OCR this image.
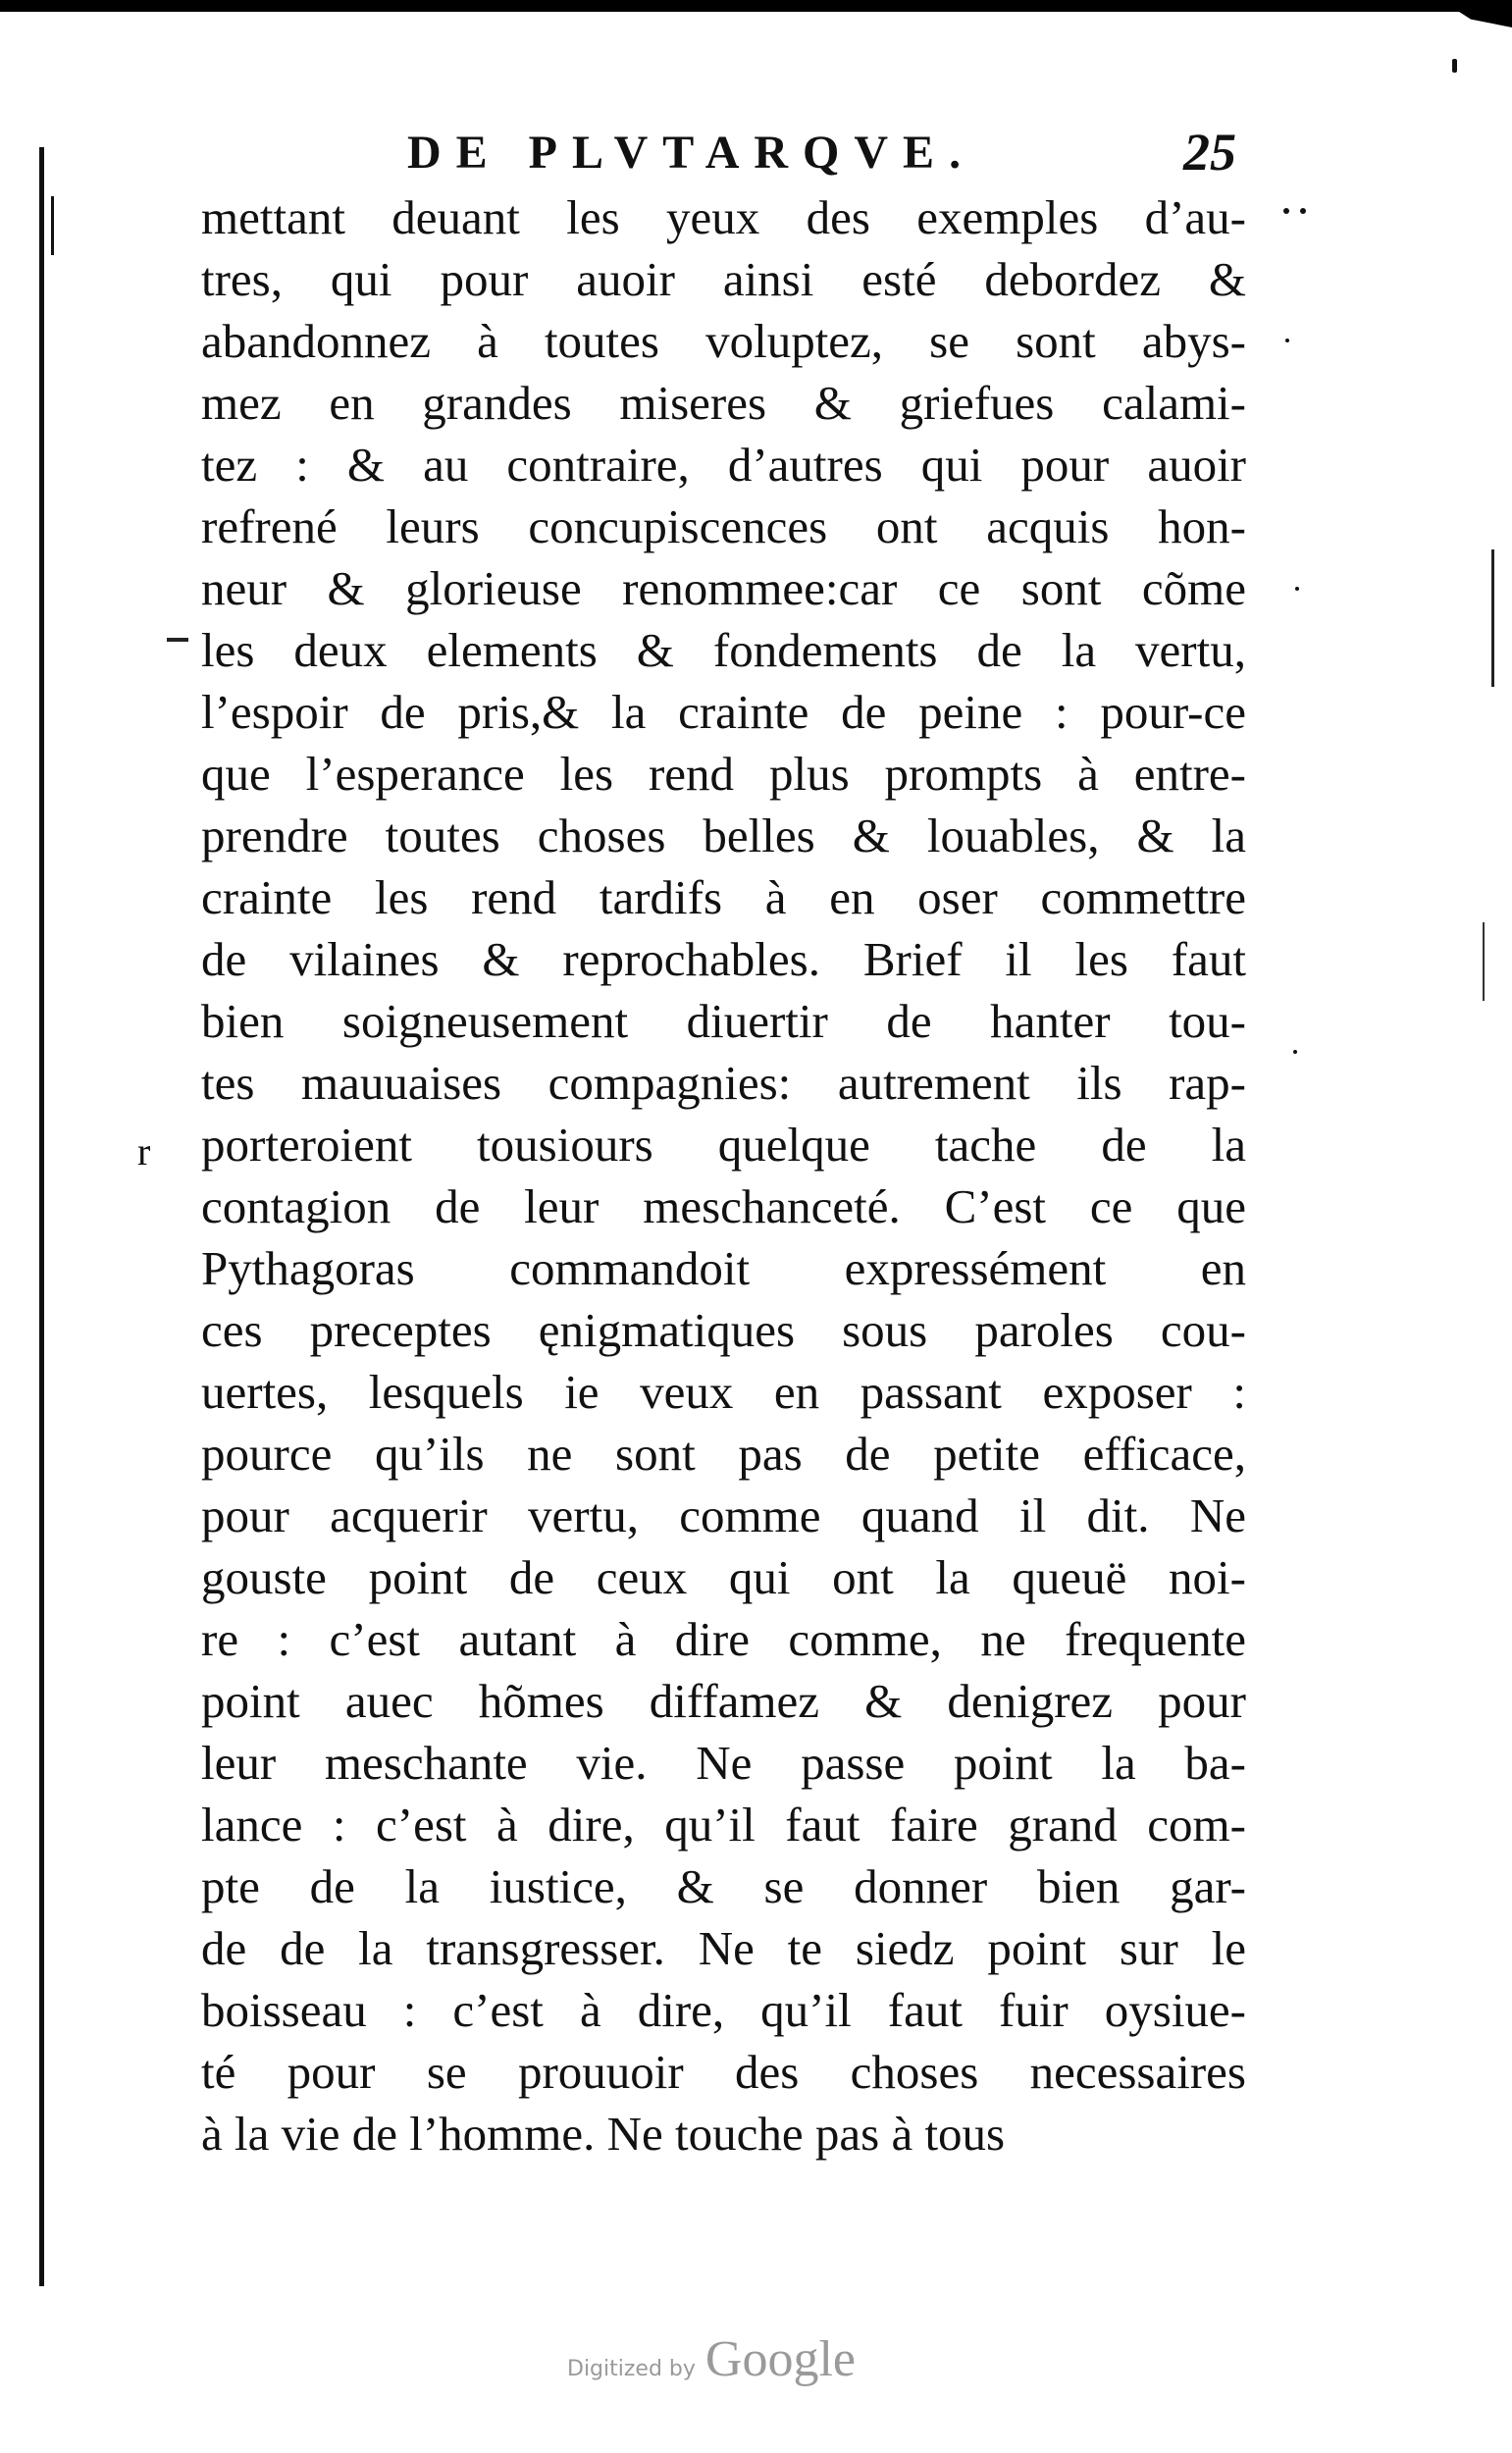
DE PLVTARQVE.	25
r
mettant deuant les yeux des exemples d’au-
tres, qui pour auoir ainsi esté debordez &
abandonnez à toutes voluptez, se sont abys-
mez en grandes miseres & griefues calami-
tez : & au contraire, d’autres qui pour auoir
refrené leurs concupiscences ont acquis hon-
neur & glorieuse renommee:car ce sont cõme
les deux elements & fondements de la vertu,
l’espoir de pris,& la crainte de peine : pour-ce
que l’esperance les rend plus prompts à entre-
prendre toutes choses belles & louables, & la
crainte les rend tardifs à en oser commettre
de vilaines & reprochables. Brief il les faut
bien soigneusement diuertir de hanter tou-
tes mauuaises compagnies: autrement ils rap-
porteroient tousiours quelque tache de la
contagion de leur meschanceté. C’est ce que
Pythagoras commandoit expressément en
ces preceptes ęnigmatiques sous paroles cou-
uertes, lesquels ie veux en passant exposer :
pource qu’ils ne sont pas de petite efficace,
pour acquerir vertu, comme quand il dit. Ne
gouste point de ceux qui ont la queuë noi-
re : c’est autant à dire comme, ne frequente
point auec hõmes diffamez & denigrez pour
leur meschante vie. Ne passe point la ba-
lance : c’est à dire, qu’il faut faire grand com-
pte de la iustice, & se donner bien gar-
de de la transgresser. Ne te siedz point sur le
boisseau : c’est à dire, qu’il faut fuir oysiue-
té pour se prouuoir des choses necessaires
à la vie de l’homme. Ne touche pas à tous
Digitized by Google
